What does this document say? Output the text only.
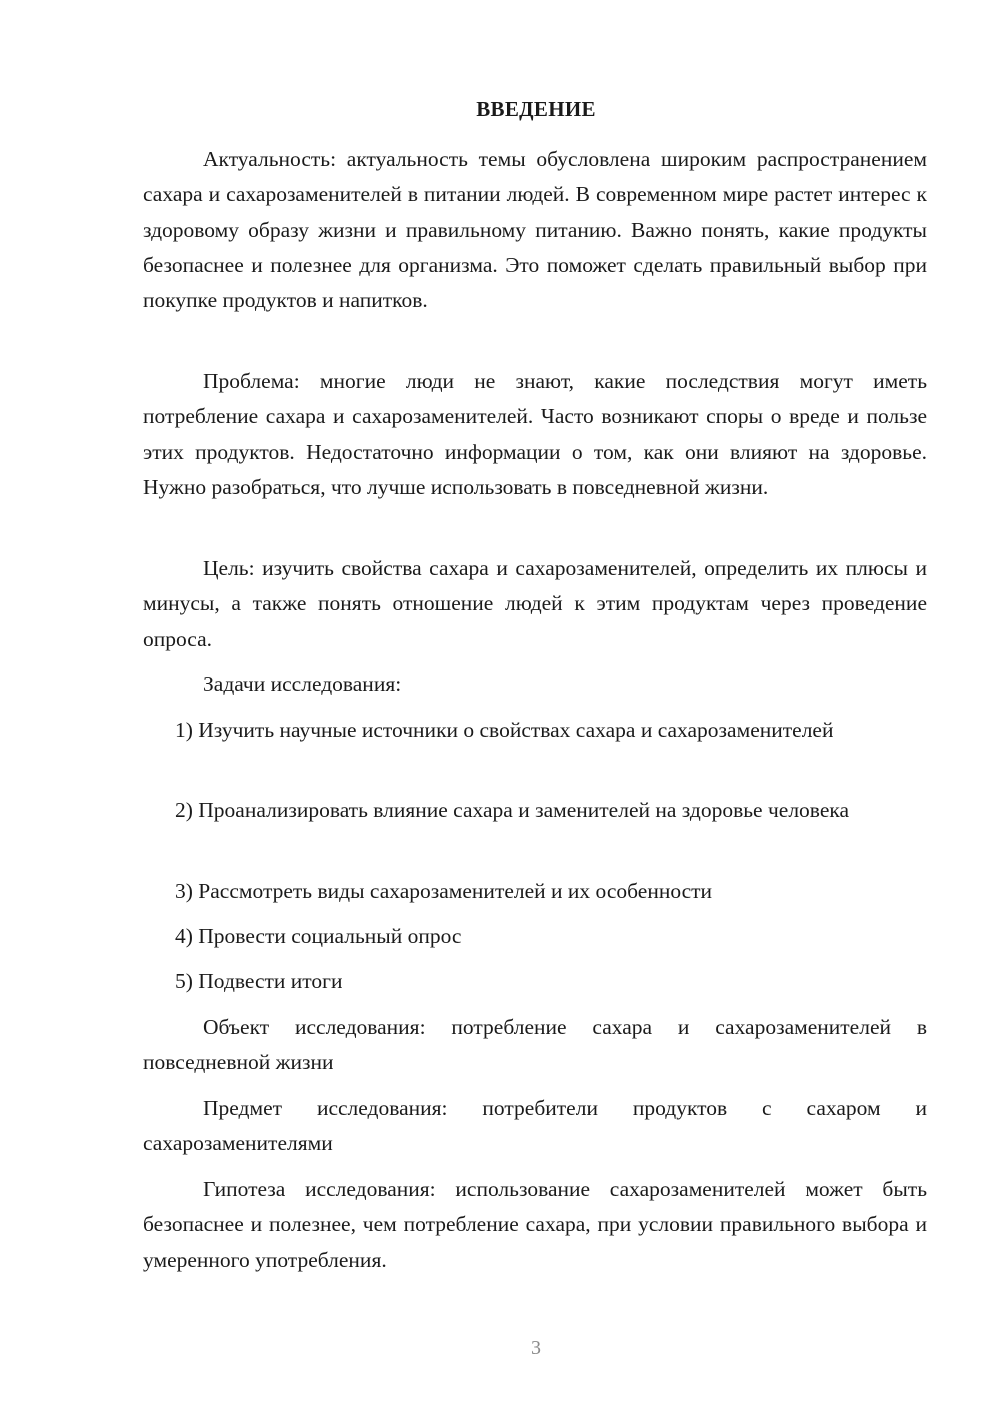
ВВЕДЕНИЕ

Актуальность: актуальность темы обусловлена широким распространением сахара и сахарозаменителей в питании людей. В современном мире растет интерес к здоровому образу жизни и правильному питанию. Важно понять, какие продукты безопаснее и полезнее для организма. Это поможет сделать правильный выбор при покупке продуктов и напитков.

Проблема: многие люди не знают, какие последствия могут иметь потребление сахара и сахарозаменителей. Часто возникают споры о вреде и пользе этих продуктов. Недостаточно информации о том, как они влияют на здоровье. Нужно разобраться, что лучше использовать в повседневной жизни.

Цель: изучить свойства сахара и сахарозаменителей, определить их плюсы и минусы, а также понять отношение людей к этим продуктам через проведение опроса.

Задачи исследования:

1) Изучить научные источники о свойствах сахара и сахарозаменителей

2) Проанализировать влияние сахара и заменителей на здоровье человека

3) Рассмотреть виды сахарозаменителей и их особенности

4) Провести социальный опрос

5) Подвести итоги

Объект исследования: потребление сахара и сахарозаменителей в повседневной жизни

Предмет исследования: потребители продуктов с сахаром и сахарозаменителями

Гипотеза исследования: использование сахарозаменителей может быть безопаснее и полезнее, чем потребление сахара, при условии правильного выбора и умеренного употребления.

3
